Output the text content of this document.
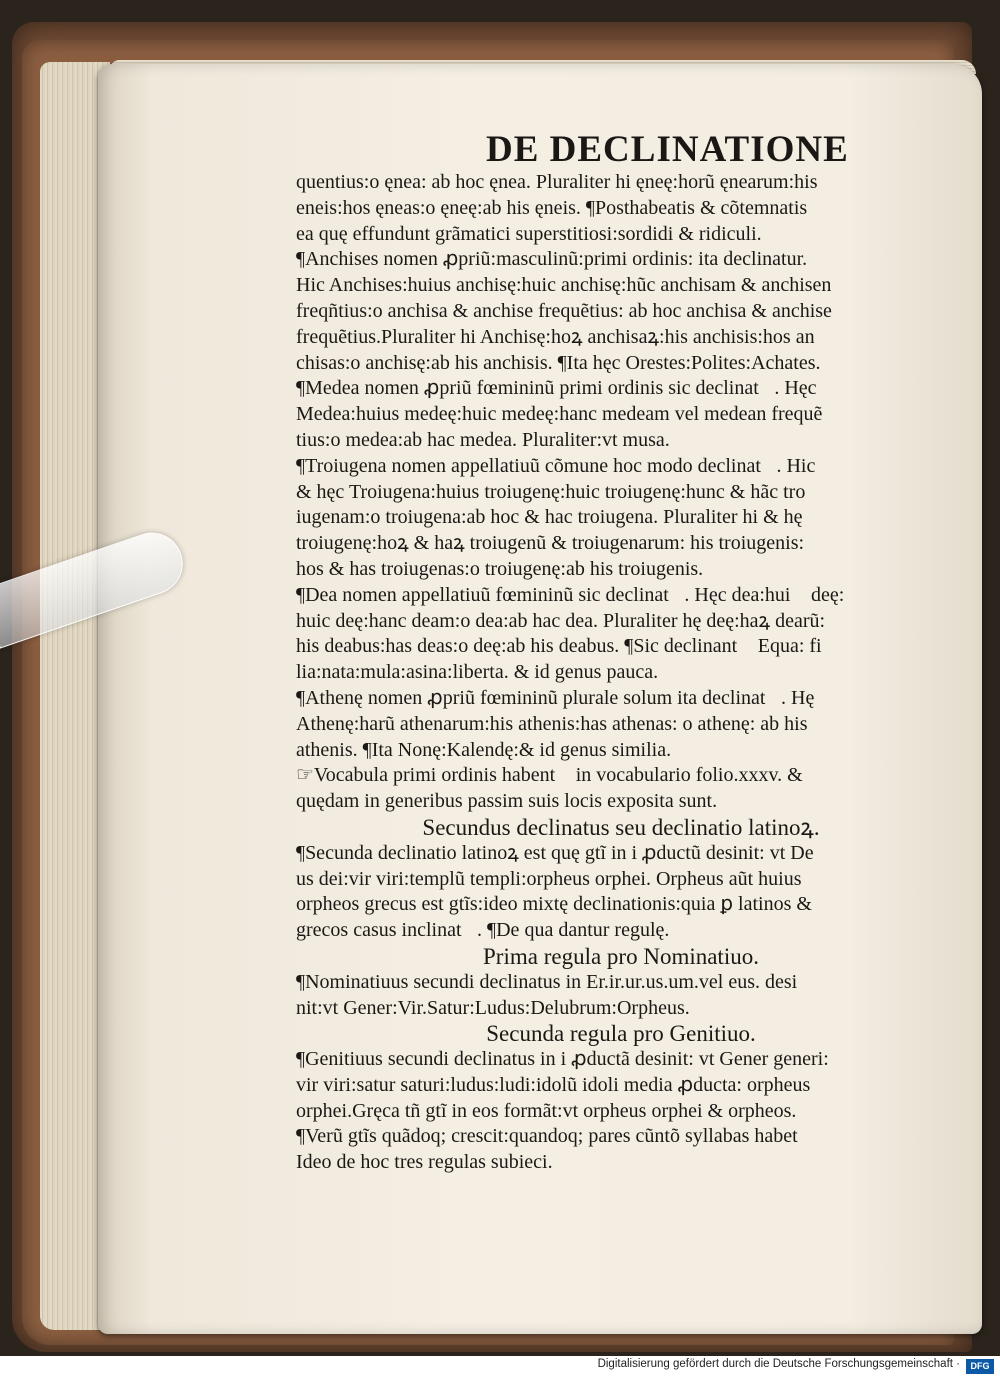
DE DECLINATIONE
quentius:o ęnea: ab hoc ęnea. Pluraliter hi ęneę:horũ ęnearum:his
eneis:hos ęneas:o ęneę:ab his ęneis. ¶Posthabeatis & cõtemnatis
ea quę effundunt grãmatici superstitiosi:sordidi & ridiculi.
¶Anchises nomen ꝓpriũ:masculinũ:primi ordinis: ita declinatur.
Hic Anchises:huius anchisę:huic anchisę:hũc anchisam & anchisen
freqñtius:o anchisa & anchise frequẽtius: ab hoc anchisa & anchise
frequẽtius.Pluraliter hi Anchisę:hoꝝ anchisaꝝ:his anchisis:hos an
chisas:o anchisę:ab his anchisis. ¶Ita hęc Orestes:Polites:Achates.
¶Medea nomen ꝓpriũ fœmininũ primi ordinis sic declinat᷑. Hęc
Medea:huius medeę:huic medeę:hanc medeam vel medean frequẽ
tius:o medea:ab hac medea. Pluraliter:vt musa.
¶Troiugena nomen appellatiuũ cõmune hoc modo declinat᷑. Hic
& hęc Troiugena:huius troiugenę:huic troiugenę:hunc & hãc tro
iugenam:o troiugena:ab hoc & hac troiugena. Pluraliter hi & hę
troiugenę:hoꝝ & haꝝ troiugenũ & troiugenarum: his troiugenis:
hos & has troiugenas:o troiugenę:ab his troiugenis.
¶Dea nomen appellatiuũ fœmininũ sic declinat᷑. Hęc dea:huiꝰ deę:
huic deę:hanc deam:o dea:ab hac dea. Pluraliter hę deę:haꝝ dearũ:
his deabus:has deas:o deę:ab his deabus. ¶Sic declinant᷑ Equa: fi
lia:nata:mula:asina:liberta. & id genus pauca.
¶Athenę nomen ꝓpriũ fœmininũ plurale solum ita declinat᷑. Hę
Athenę:harũ athenarum:his athenis:has athenas: o athenę: ab his
athenis. ¶Ita Nonę:Kalendę:& id genus similia.
☞Vocabula primi ordinis habent᷑ in vocabulario folio.xxxv. &
quędam in generibus passim suis locis exposita sunt.
Secundus declinatus seu declinatio latinoꝝ.
¶Secunda declinatio latinoꝝ est quę gtĩ in i ꝓductũ desinit: vt De
us dei:vir viri:templũ templi:orpheus orphei. Orpheus aũt huius
orpheos grecus est gtĩs:ideo mixtę declinationis:quia ꝑ latinos &
grecos casus inclinat᷑. ¶De qua dantur regulę.
Prima regula pro Nominatiuo.
¶Nominatiuus secundi declinatus in Er.ir.ur.us.um.vel eus. desi
nit:vt Gener:Vir.Satur:Ludus:Delubrum:Orpheus.
Secunda regula pro Genitiuo.
¶Genitiuus secundi declinatus in i ꝓductã desinit: vt Gener generi:
vir viri:satur saturi:ludus:ludi:idolũ idoli media ꝓducta: orpheus
orphei.Gręca tñ gtĩ in eos formãt:vt orpheus orphei & orpheos.
¶Verũ gtĩs quãdoq; crescit:quandoq; pares cũntõ syllabas habet
Ideo de hoc tres regulas subieci.
Digitalisierung gefördert durch die Deutsche Forschungsgemeinschaft ·	DFG
